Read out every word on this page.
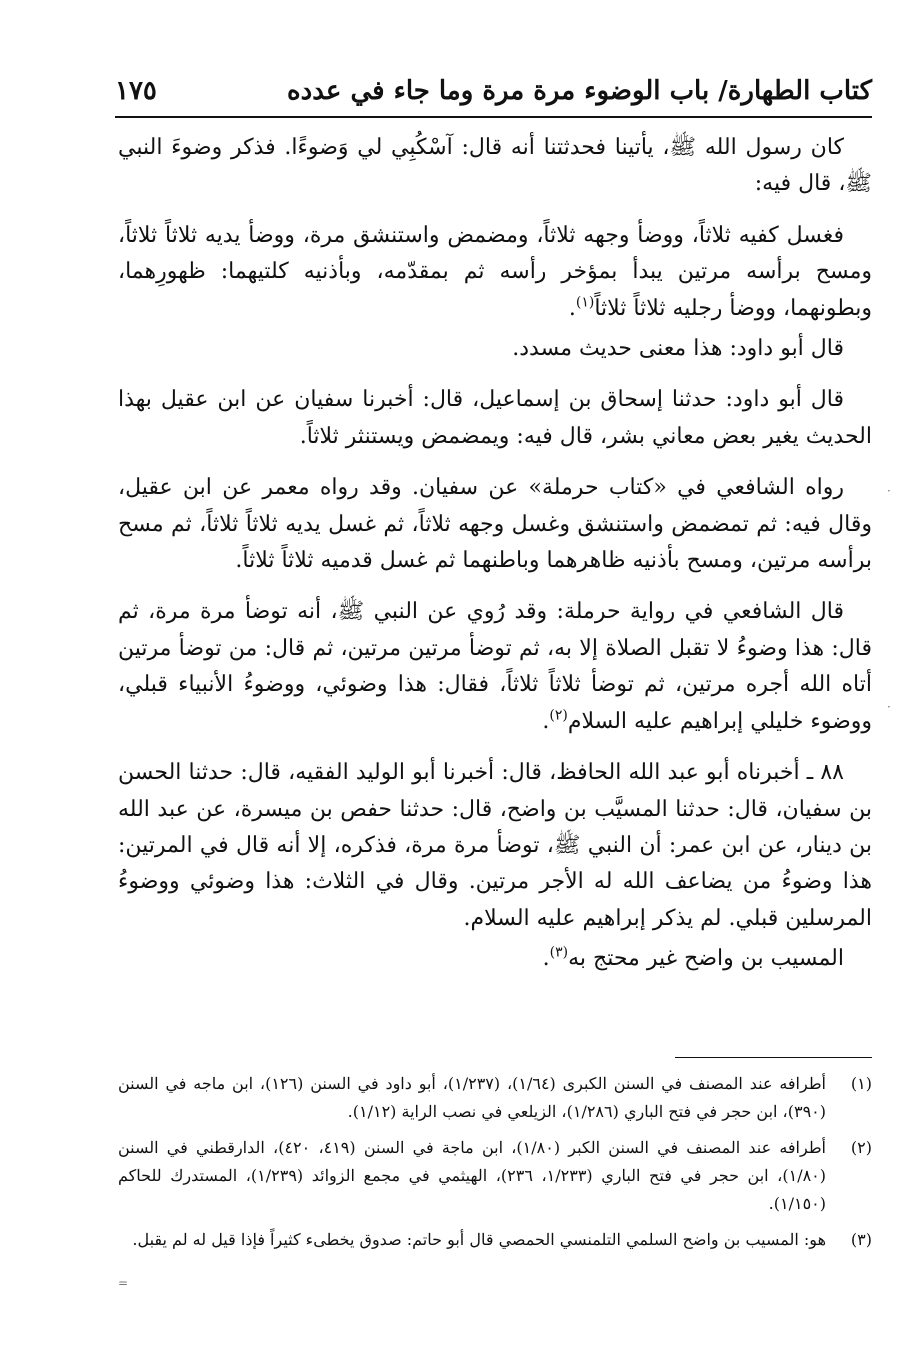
كتاب الطهارة/ باب الوضوء مرة مرة وما جاء في عدده
١٧٥

كان رسول الله ﷺ، يأتينا فحدثتنا أنه قال: آسْكُبِي لي وَضوءًا. فذكر وضوءَ النبي ﷺ، قال فيه:

فغسل كفيه ثلاثاً، ووضأ وجهه ثلاثاً، ومضمض واستنشق مرة، ووضأ يديه ثلاثاً ثلاثاً، ومسح برأسه مرتين يبدأ بمؤخر رأسه ثم بمقدّمه، وبأذنيه كلتيهما: ظهورِهما، وبطونهما، ووضأ رجليه ثلاثاً ثلاثاً$^{(١)}$.

قال أبو داود: هذا معنى حديث مسدد.

قال أبو داود: حدثنا إسحاق بن إسماعيل، قال: أخبرنا سفيان عن ابن عقيل بهذا الحديث يغير بعض معاني بشر، قال فيه: ويمضمض ويستنثر ثلاثاً.

رواه الشافعي في «كتاب حرملة» عن سفيان. وقد رواه معمر عن ابن عقيل، وقال فيه: ثم تمضمض واستنشق وغسل وجهه ثلاثاً، ثم غسل يديه ثلاثاً ثلاثاً، ثم مسح برأسه مرتين، ومسح بأذنيه ظاهرهما وباطنهما ثم غسل قدميه ثلاثاً ثلاثاً.

قال الشافعي في رواية حرملة: وقد رُوي عن النبي ﷺ، أنه توضأ مرة مرة، ثم قال: هذا وضوءُ لا تقبل الصلاة إلا به، ثم توضأ مرتين مرتين، ثم قال: من توضأ مرتين أتاه الله أجره مرتين، ثم توضأ ثلاثاً ثلاثاً، فقال: هذا وضوئي، ووضوءُ الأنبياء قبلي، ووضوء خليلي إبراهيم عليه السلام$^{(٢)}$.

٨٨ ـ أخبرناه أبو عبد الله الحافظ، قال: أخبرنا أبو الوليد الفقيه، قال: حدثنا الحسن بن سفيان، قال: حدثنا المسيَّب بن واضح، قال: حدثنا حفص بن ميسرة، عن عبد الله بن دينار، عن ابن عمر: أن النبي ﷺ، توضأ مرة مرة، فذكره، إلا أنه قال في المرتين: هذا وضوءُ من يضاعف الله له الأجر مرتين. وقال في الثلاث: هذا وضوئي ووضوءُ المرسلين قبلي. لم يذكر إبراهيم عليه السلام.

المسيب بن واضح غير محتج به$^{(٣)}$.

(١)
أطرافه عند المصنف في السنن الكبرى (١/٦٤)، (١/٢٣٧)، أبو داود في السنن (١٢٦)، ابن ماجه في السنن (٣٩٠)، ابن حجر في فتح الباري (١/٢٨٦)، الزيلعي في نصب الراية (١/١٢).
(٢)
أطرافه عند المصنف في السنن الكبر (١/٨٠)، ابن ماجة في السنن (٤١٩، ٤٢٠)، الدارقطني في السنن (١/٨٠)، ابن حجر في فتح الباري (١/٢٣٣، ٢٣٦)، الهيثمي في مجمع الزوائد (١/٢٣٩)، المستدرك للحاكم (١/١٥٠).
(٣)
هو: المسيب بن واضح السلمي التلمنسي الحمصي قال أبو حاتم: صدوق يخطىء كثيراً فإذا قيل له لم يقبل.
·
·
=
